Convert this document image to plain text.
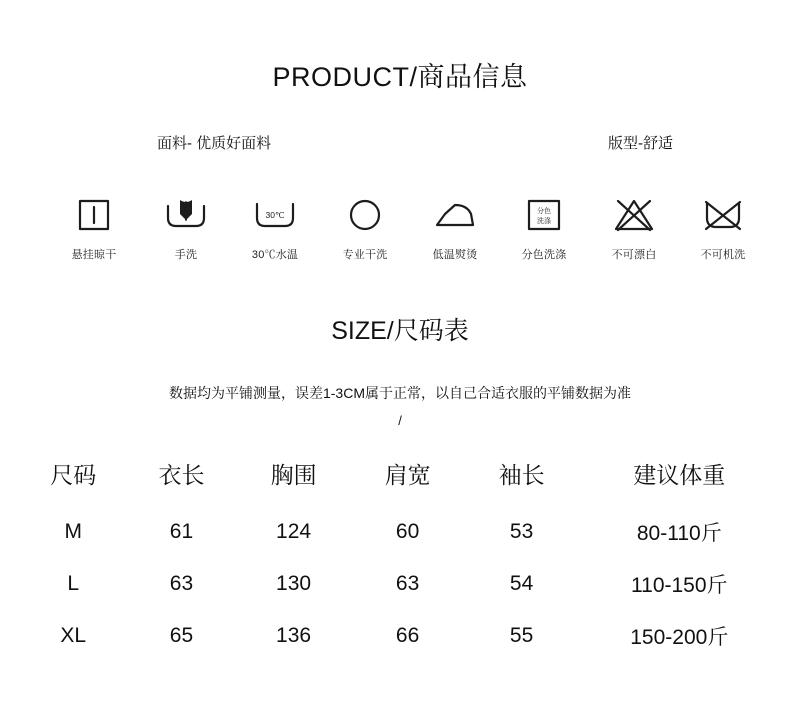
PRODUCT/商品信息
面料- 优质好面料	版型-舒适
悬挂晾干	手洗
30℃
30℃水温	专业干洗	低温熨烫
分色
洗涤
分色洗涤	不可漂白	不可机洗
SIZE/尺码表
数据均为平铺测量，误差1-3CM属于正常，以自己合适衣服的平铺数据为准
/
尺码	衣长	胸围	肩宽	袖长	建议体重
M	61	124	60	53	80-110斤
L	63	130	63	54	110-150斤
XL	65	136	66	55	150-200斤
